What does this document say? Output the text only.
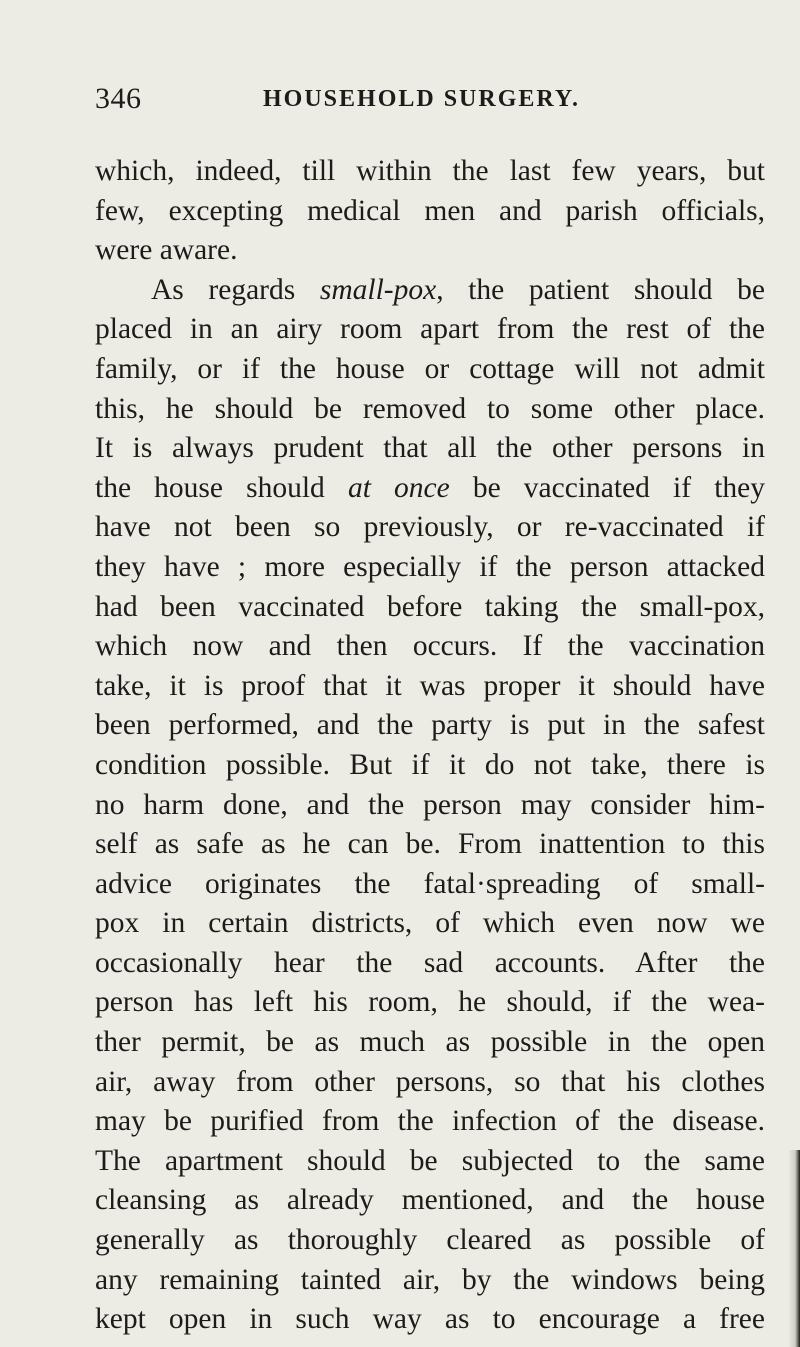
346	HOUSEHOLD SURGERY.
which, indeed, till within the last few years, but
few, excepting medical men and parish officials,
were aware.
As regards small-pox, the patient should be
placed in an airy room apart from the rest of the
family, or if the house or cottage will not admit
this, he should be removed to some other place.
It is always prudent that all the other persons in
the house should at once be vaccinated if they
have not been so previously, or re-vaccinated if
they have ; more especially if the person attacked
had been vaccinated before taking the small-pox,
which now and then occurs. If the vaccination
take, it is proof that it was proper it should have
been performed, and the party is put in the safest
condition possible. But if it do not take, there is
no harm done, and the person may consider him-
self as safe as he can be. From inattention to this
advice originates the fatal·spreading of small-
pox in certain districts, of which even now we
occasionally hear the sad accounts. After the
person has left his room, he should, if the wea-
ther permit, be as much as possible in the open
air, away from other persons, so that his clothes
may be purified from the infection of the disease.
The apartment should be subjected to the same
cleansing as already mentioned, and the house
generally as thoroughly cleared as possible of
any remaining tainted air, by the windows being
kept open in such way as to encourage a free
